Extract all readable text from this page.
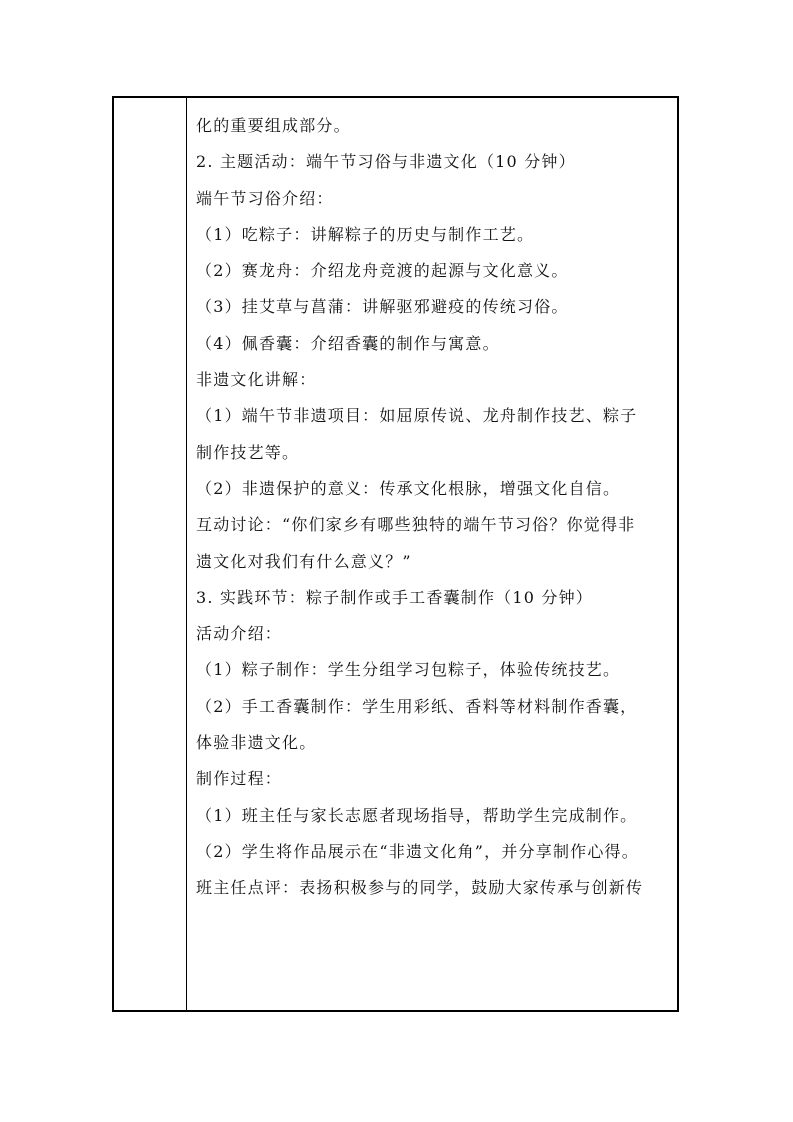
化的重要组成部分。
2. 主题活动：端午节习俗与非遗文化（10 分钟）
端午节习俗介绍：
（1）吃粽子：讲解粽子的历史与制作工艺。
（2）赛龙舟：介绍龙舟竞渡的起源与文化意义。
（3）挂艾草与菖蒲：讲解驱邪避疫的传统习俗。
（4）佩香囊：介绍香囊的制作与寓意。
非遗文化讲解：
（1）端午节非遗项目：如屈原传说、龙舟制作技艺、粽子
制作技艺等。
（2）非遗保护的意义：传承文化根脉，增强文化自信。
互动讨论：“你们家乡有哪些独特的端午节习俗？你觉得非
遗文化对我们有什么意义？”
3. 实践环节：粽子制作或手工香囊制作（10 分钟）
活动介绍：
（1）粽子制作：学生分组学习包粽子，体验传统技艺。
（2）手工香囊制作：学生用彩纸、香料等材料制作香囊，
体验非遗文化。
制作过程：
（1）班主任与家长志愿者现场指导，帮助学生完成制作。
（2）学生将作品展示在“非遗文化角”，并分享制作心得。
班主任点评：表扬积极参与的同学，鼓励大家传承与创新传
